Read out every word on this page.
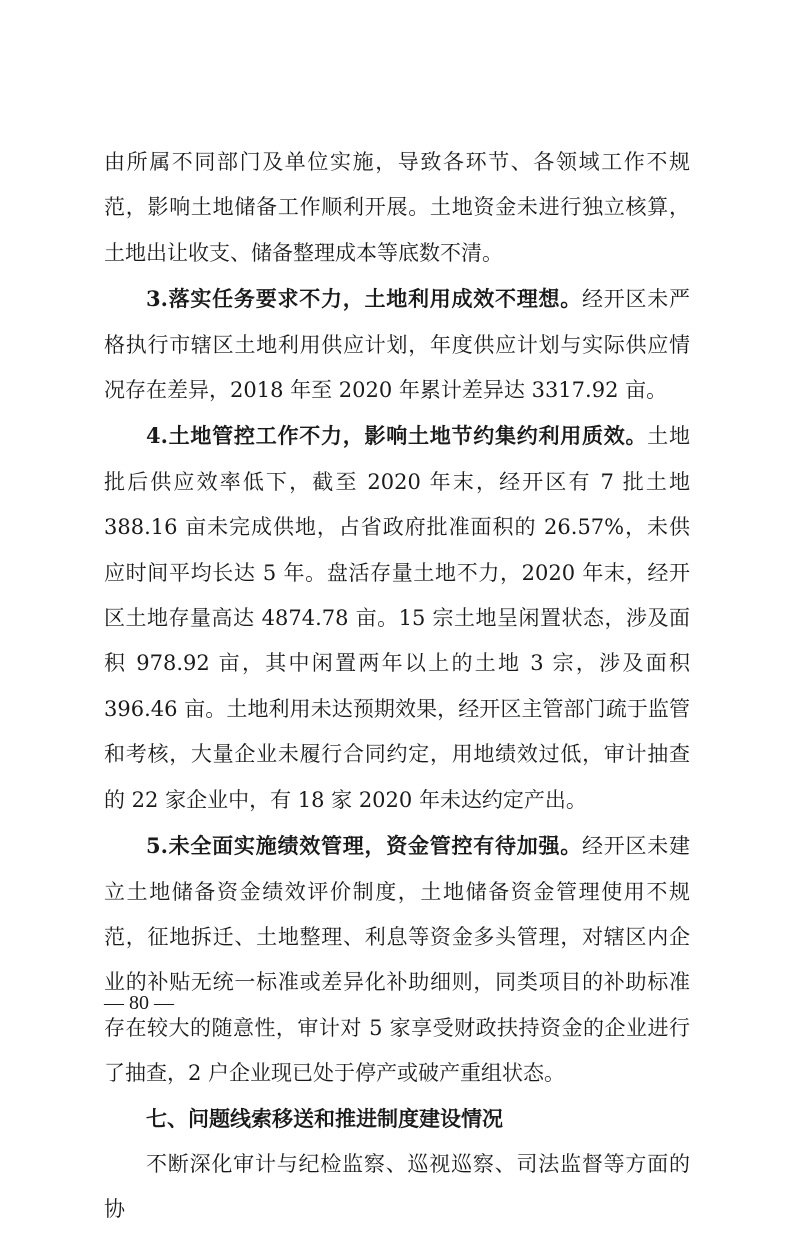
由所属不同部门及单位实施，导致各环节、各领域工作不规范，影响土地储备工作顺利开展。土地资金未进行独立核算，土地出让收支、储备整理成本等底数不清。

3.落实任务要求不力，土地利用成效不理想。经开区未严格执行市辖区土地利用供应计划，年度供应计划与实际供应情况存在差异，2018 年至 2020 年累计差异达 3317.92 亩。

4.土地管控工作不力，影响土地节约集约利用质效。土地批后供应效率低下，截至 2020 年末，经开区有 7 批土地 388.16 亩未完成供地，占省政府批准面积的 26.57%，未供应时间平均长达 5 年。盘活存量土地不力，2020 年末，经开区土地存量高达 4874.78 亩。15 宗土地呈闲置状态，涉及面积 978.92 亩，其中闲置两年以上的土地 3 宗，涉及面积 396.46 亩。土地利用未达预期效果，经开区主管部门疏于监管和考核，大量企业未履行合同约定，用地绩效过低，审计抽查的 22 家企业中，有 18 家 2020 年未达约定产出。

5.未全面实施绩效管理，资金管控有待加强。经开区未建立土地储备资金绩效评价制度，土地储备资金管理使用不规范，征地拆迁、土地整理、利息等资金多头管理，对辖区内企业的补贴无统一标准或差异化补助细则，同类项目的补助标准存在较大的随意性，审计对 5 家享受财政扶持资金的企业进行了抽查，2 户企业现已处于停产或破产重组状态。

七、问题线索移送和推进制度建设情况

不断深化审计与纪检监察、巡视巡察、司法监督等方面的协

— 80 —
